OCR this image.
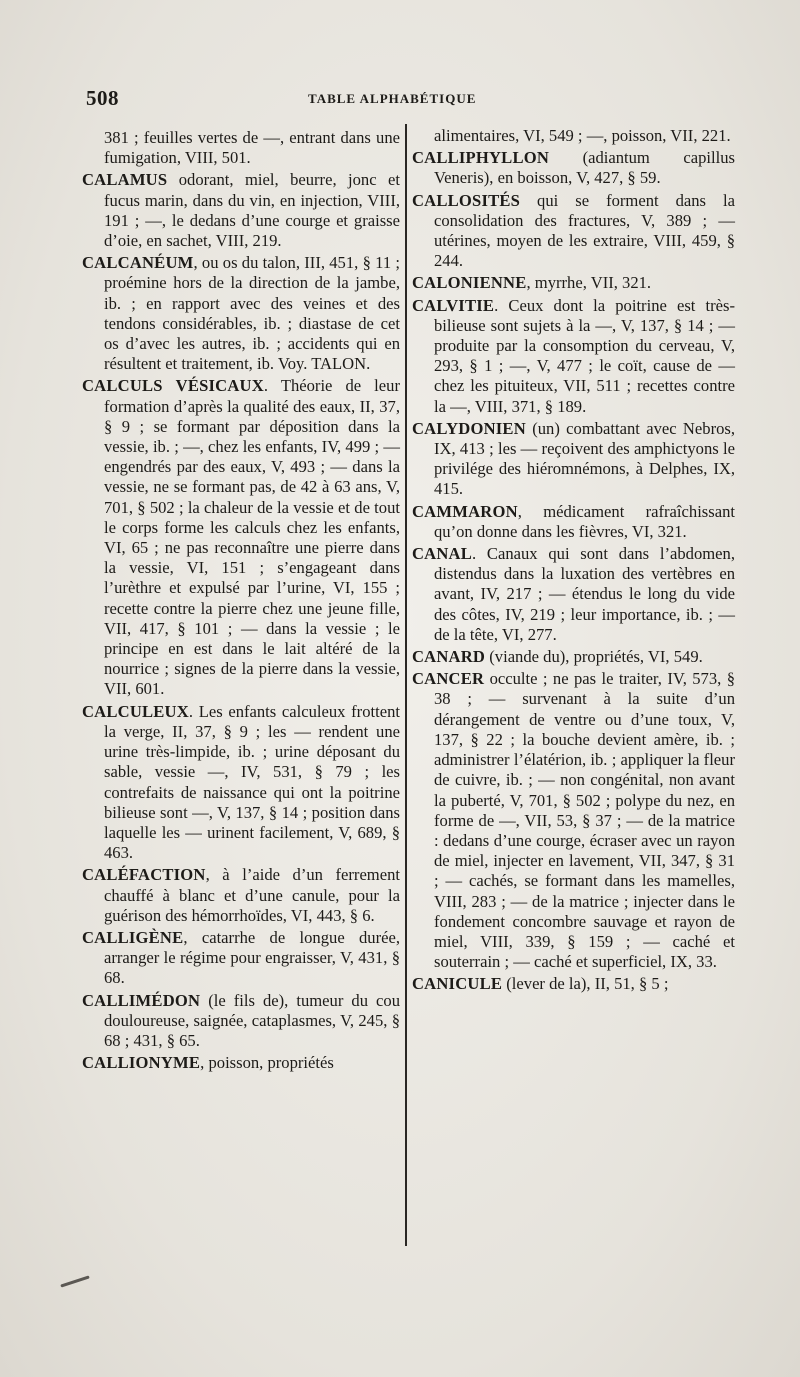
508	TABLE ALPHABÉTIQUE

381 ; feuilles vertes de —, entrant dans une fumigation, VIII, 501.

CALAMUS odorant, miel, beurre, jonc et fucus marin, dans du vin, en injection, VIII, 191 ; —, le dedans d’une courge et graisse d’oie, en sachet, VIII, 219.

CALCANÉUM, ou os du talon, III, 451, § 11 ; proémine hors de la direction de la jambe, ib. ; en rapport avec des veines et des tendons considérables, ib. ; diastase de cet os d’avec les autres, ib. ; accidents qui en résultent et traitement, ib. Voy. TALON.

CALCULS VÉSICAUX. Théorie de leur formation d’après la qualité des eaux, II, 37, § 9 ; se formant par déposition dans la vessie, ib. ; —, chez les enfants, IV, 499 ; — engendrés par des eaux, V, 493 ; — dans la vessie, ne se formant pas, de 42 à 63 ans, V, 701, § 502 ; la chaleur de la vessie et de tout le corps forme les calculs chez les enfants, VI, 65 ; ne pas reconnaître une pierre dans la vessie, VI, 151 ; s’engageant dans l’urèthre et expulsé par l’urine, VI, 155 ; recette contre la pierre chez une jeune fille, VII, 417, § 101 ; — dans la vessie ; le principe en est dans le lait altéré de la nourrice ; signes de la pierre dans la vessie, VII, 601.

CALCULEUX. Les enfants calculeux frottent la verge, II, 37, § 9 ; les — rendent une urine très-limpide, ib. ; urine déposant du sable, vessie —, IV, 531, § 79 ; les contrefaits de naissance qui ont la poitrine bilieuse sont —, V, 137, § 14 ; position dans laquelle les — urinent facilement, V, 689, § 463.

CALÉFACTION, à l’aide d’un ferrement chauffé à blanc et d’une canule, pour la guérison des hémorrhoïdes, VI, 443, § 6.

CALLIGÈNE, catarrhe de longue durée, arranger le régime pour engraisser, V, 431, § 68.

CALLIMÉDON (le fils de), tumeur du cou douloureuse, saignée, cataplasmes, V, 245, § 68 ; 431, § 65.

CALLIONYME, poisson, propriétés

alimentaires, VI, 549 ; —, poisson, VII, 221.

CALLIPHYLLON (adiantum capillus Veneris), en boisson, V, 427, § 59.

CALLOSITÉS qui se forment dans la consolidation des fractures, V, 389 ; — utérines, moyen de les extraire, VIII, 459, § 244.

CALONIENNE, myrrhe, VII, 321.

CALVITIE. Ceux dont la poitrine est très-bilieuse sont sujets à la —, V, 137, § 14 ; — produite par la consomption du cerveau, V, 293, § 1 ; —, V, 477 ; le coït, cause de — chez les pituiteux, VII, 511 ; recettes contre la —, VIII, 371, § 189.

CALYDONIEN (un) combattant avec Nebros, IX, 413 ; les — reçoivent des amphictyons le privilége des hiéromnémons, à Delphes, IX, 415.

CAMMARON, médicament rafraîchissant qu’on donne dans les fièvres, VI, 321.

CANAL. Canaux qui sont dans l’abdomen, distendus dans la luxation des vertèbres en avant, IV, 217 ; — étendus le long du vide des côtes, IV, 219 ; leur importance, ib. ; — de la tête, VI, 277.

CANARD (viande du), propriétés, VI, 549.

CANCER occulte ; ne pas le traiter, IV, 573, § 38 ; — survenant à la suite d’un dérangement de ventre ou d’une toux, V, 137, § 22 ; la bouche devient amère, ib. ; administrer l’élatérion, ib. ; appliquer la fleur de cuivre, ib. ; — non congénital, non avant la puberté, V, 701, § 502 ; polype du nez, en forme de —, VII, 53, § 37 ; — de la matrice : dedans d’une courge, écraser avec un rayon de miel, injecter en lavement, VII, 347, § 31 ; — cachés, se formant dans les mamelles, VIII, 283 ; — de la matrice ; injecter dans le fondement concombre sauvage et rayon de miel, VIII, 339, § 159 ; — caché et souterrain ; — caché et superficiel, IX, 33.

CANICULE (lever de la), II, 51, § 5 ;
